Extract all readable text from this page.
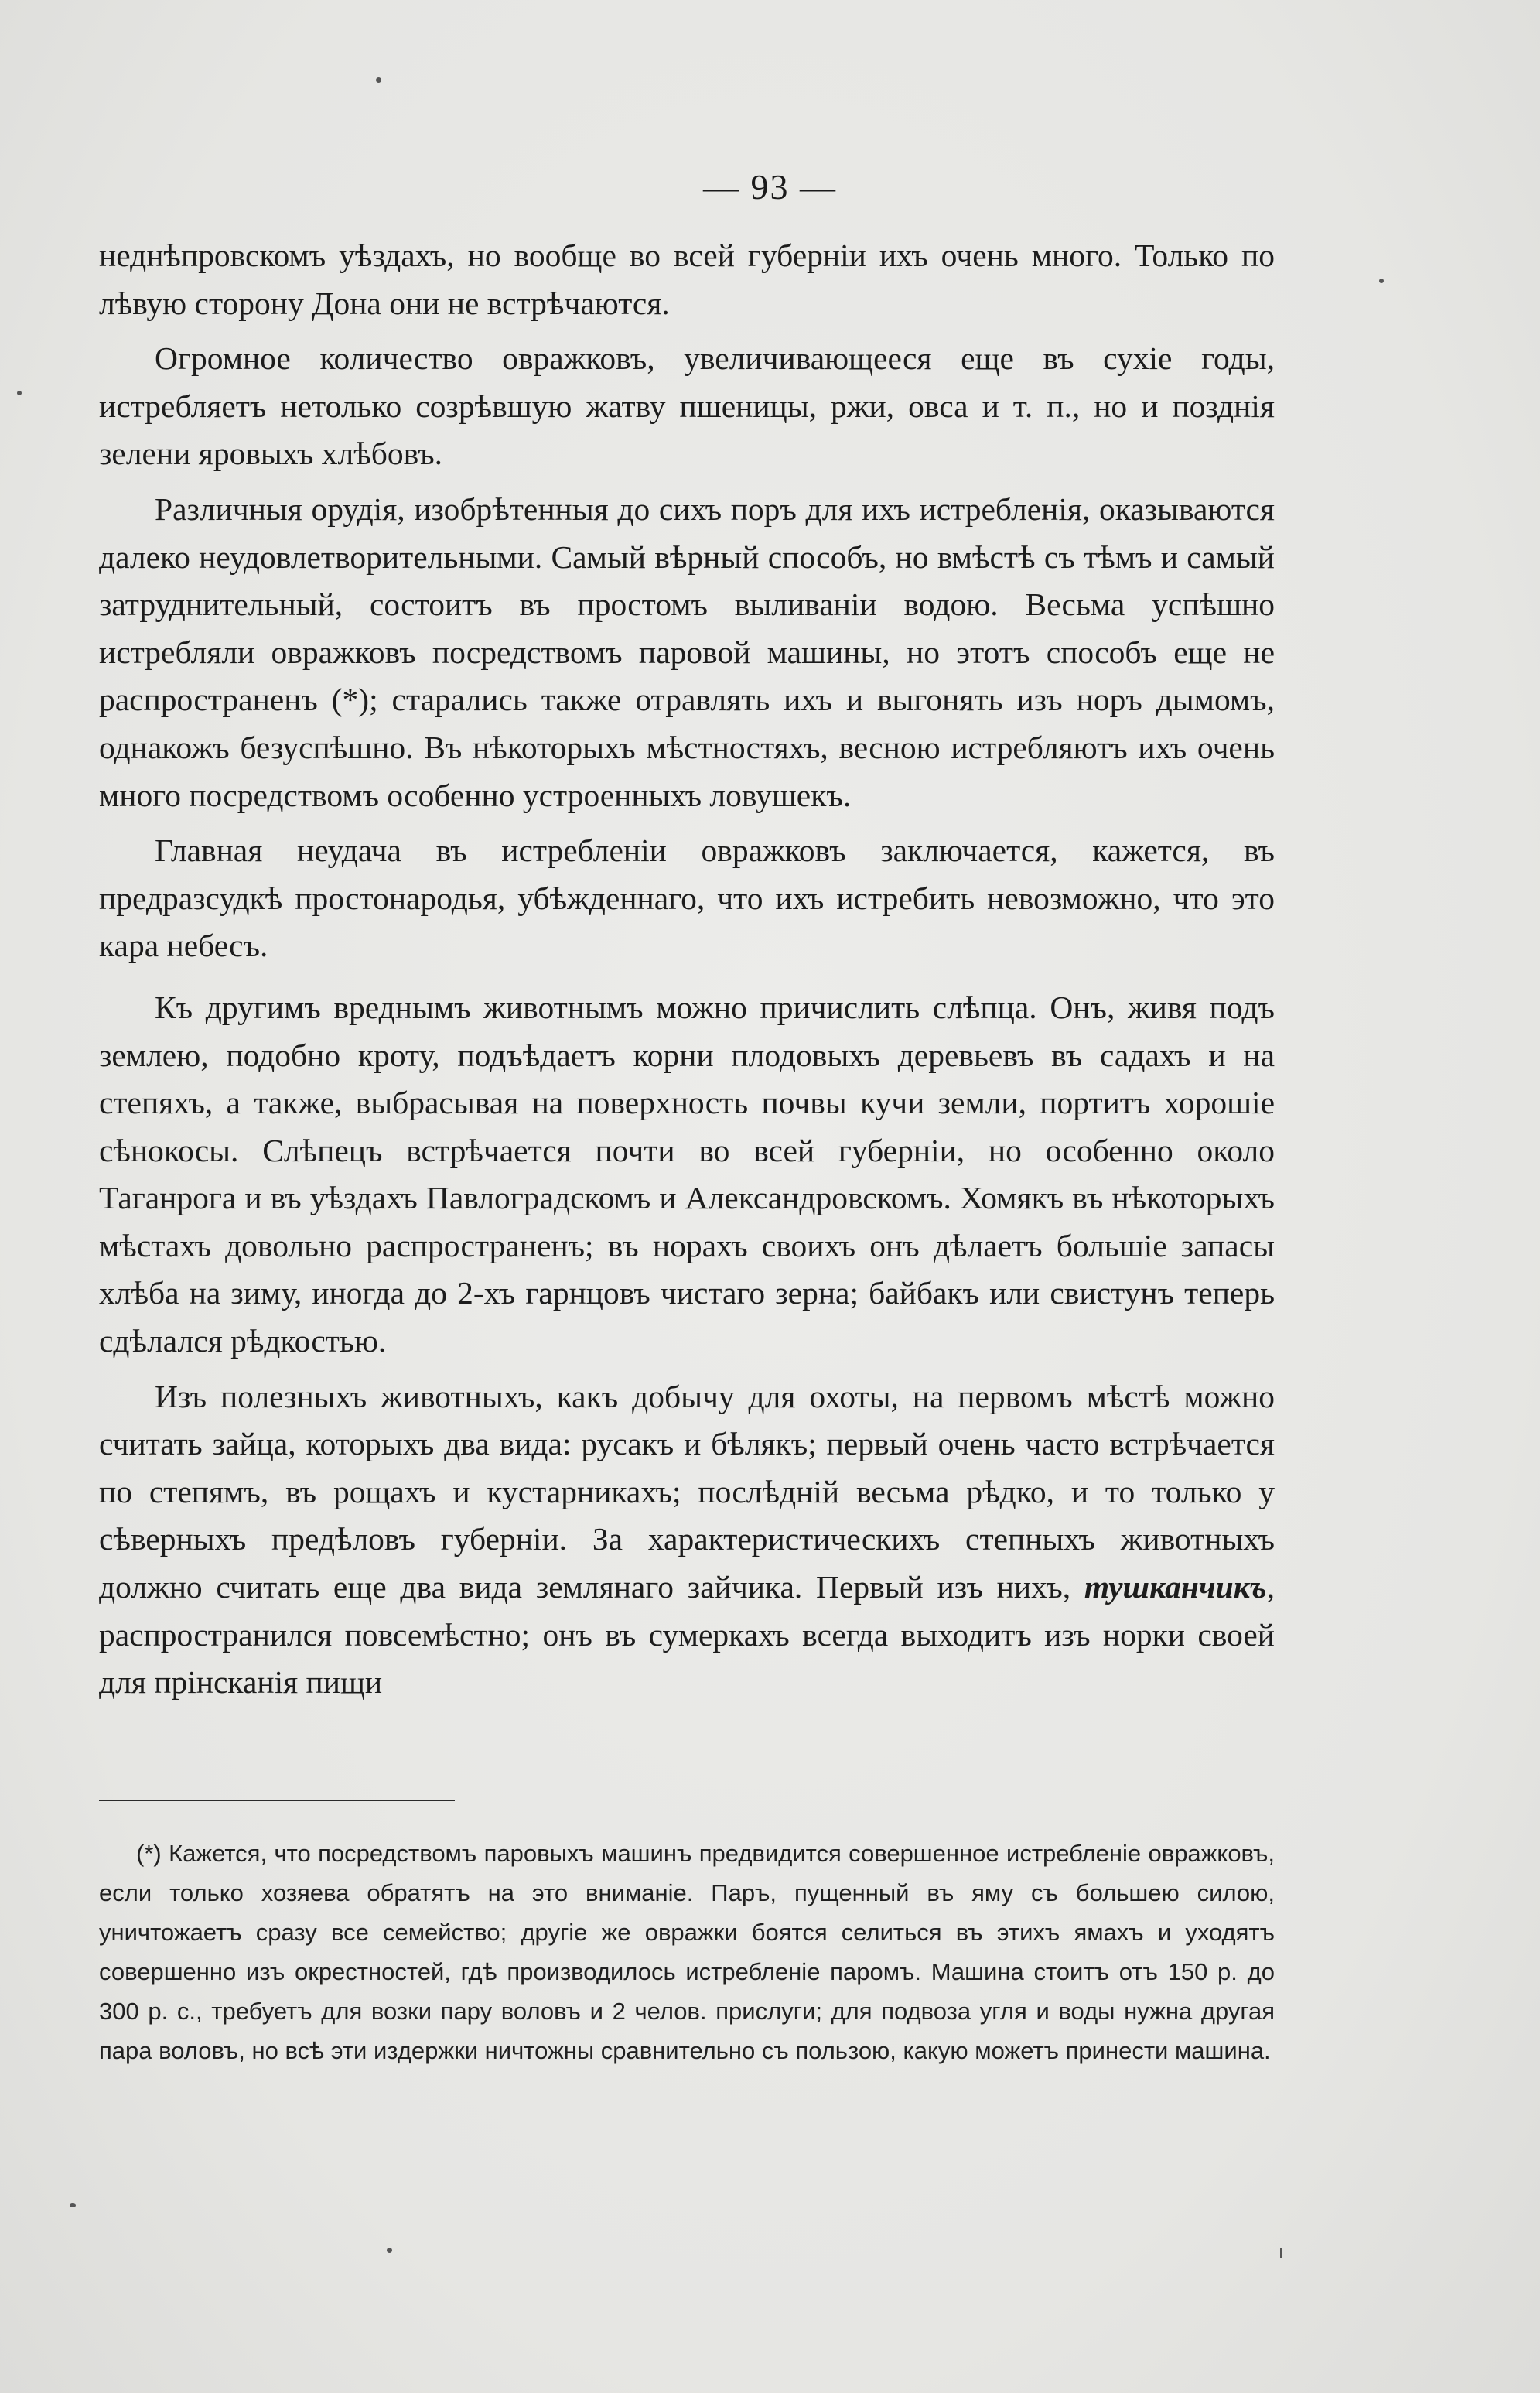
— 93 —

неднѣпровскомъ уѣздахъ, но вообще во всей губерніи ихъ очень много. Только по лѣвую сторону Дона они не встрѣчаются.

Огромное количество овражковъ, увеличивающееся еще въ сухіе годы, истребляетъ нетолько созрѣвшую жатву пшеницы, ржи, овса и т. п., но и позднія зелени яровыхъ хлѣбовъ.

Различныя орудія, изобрѣтенныя до сихъ поръ для ихъ истребленія, оказываются далеко неудовлетворительными. Самый вѣрный способъ, но вмѣстѣ съ тѣмъ и самый затруднительный, состоитъ въ простомъ выливаніи водою. Весьма успѣшно истребляли овражковъ посредствомъ паровой машины, но этотъ способъ еще не распространенъ (*); старались также отравлять ихъ и выгонять изъ норъ дымомъ, однакожъ безуспѣшно. Въ нѣкоторыхъ мѣстностяхъ, весною истребляютъ ихъ очень много посредствомъ особенно устроенныхъ ловушекъ.

Главная неудача въ истребленіи овражковъ заключается, кажется, въ предразсудкѣ простонародья, убѣжденнаго, что ихъ истребить невозможно, что это кара небесъ.

Къ другимъ вреднымъ животнымъ можно причислить слѣпца. Онъ, живя подъ землею, подобно кроту, подъѣдаетъ корни плодовыхъ деревьевъ въ садахъ и на степяхъ, а также, выбрасывая на поверхность почвы кучи земли, портитъ хорошіе сѣнокосы. Слѣпецъ встрѣчается почти во всей губерніи, но особенно около Таганрога и въ уѣздахъ Павлоградскомъ и Александровскомъ. Хомякъ въ нѣкоторыхъ мѣстахъ довольно распространенъ; въ норахъ своихъ онъ дѣлаетъ большіе запасы хлѣба на зиму, иногда до 2-хъ гарнцовъ чистаго зерна; байбакъ или свистунъ теперь сдѣлался рѣдкостью.

Изъ полезныхъ животныхъ, какъ добычу для охоты, на первомъ мѣстѣ можно считать зайца, которыхъ два вида: русакъ и бѣлякъ; первый очень часто встрѣчается по степямъ, въ рощахъ и кустарникахъ; послѣдній весьма рѣдко, и то только у сѣверныхъ предѣловъ губерніи. За характеристическихъ степныхъ животныхъ должно считать еще два вида землянаго зайчика. Первый изъ нихъ, тушканчикъ, распространился повсемѣстно; онъ въ сумеркахъ всегда выходитъ изъ норки своей для прінсканія пищи

(*) Кажется, что посредствомъ паровыхъ машинъ предвидится совершенное истребленіе овражковъ, если только хозяева обратятъ на это вниманіе. Паръ, пущенный въ яму съ большею силою, уничтожаетъ сразу все семейство; другіе же овражки боятся селиться въ этихъ ямахъ и уходятъ совершенно изъ окрестностей, гдѣ производилось истребленіе паромъ. Машина стоитъ отъ 150 р. до 300 р. с., требуетъ для возки пару воловъ и 2 челов. прислуги; для подвоза угля и воды нужна другая пара воловъ, но всѣ эти издержки ничтожны сравнительно съ пользою, какую можетъ принести машина.
